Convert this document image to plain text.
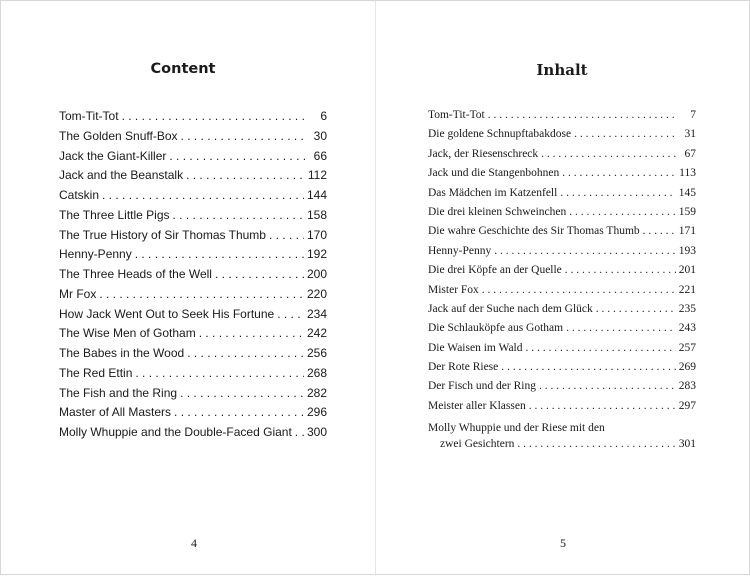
Content
Tom-Tit-Tot . . .	6
The Golden Snuff-Box . . .	30
Jack the Giant-Killer . . .	66
Jack and the Beanstalk . . .	112
Catskin . . .	144
The Three Little Pigs . . .	158
The True History of Sir Thomas Thumb . . .	170
Henny-Penny . . .	192
The Three Heads of the Well . . .	200
Mr Fox . . .	220
How Jack Went Out to Seek His Fortune . . .	234
The Wise Men of Gotham . . .	242
The Babes in the Wood . . .	256
The Red Ettin . . .	268
The Fish and the Ring . . .	282
Master of All Masters . . .	296
Molly Whuppie and the Double-Faced Giant . . . 300
4
Inhalt
Tom-Tit-Tot . . .	7
Die goldene Schnupftabakdose . . .	31
Jack, der Riesenschreck . . .	67
Jack und die Stangenbohnen . . .	113
Das Mädchen im Katzenfell . . .	145
Die drei kleinen Schweinchen . . .	159
Die wahre Geschichte des Sir Thomas Thumb . . .	171
Henny-Penny . . .	193
Die drei Köpfe an der Quelle . . .	201
Mister Fox . . .	221
Jack auf der Suche nach dem Glück . . .	235
Die Schlauköpfe aus Gotham . . .	243
Die Waisen im Wald . . .	257
Der Rote Riese . . .	269
Der Fisch und der Ring . . .	283
Meister aller Klassen . . .	297
Molly Whuppie und der Riese mit den
zwei Gesichtern . . .	301
5
